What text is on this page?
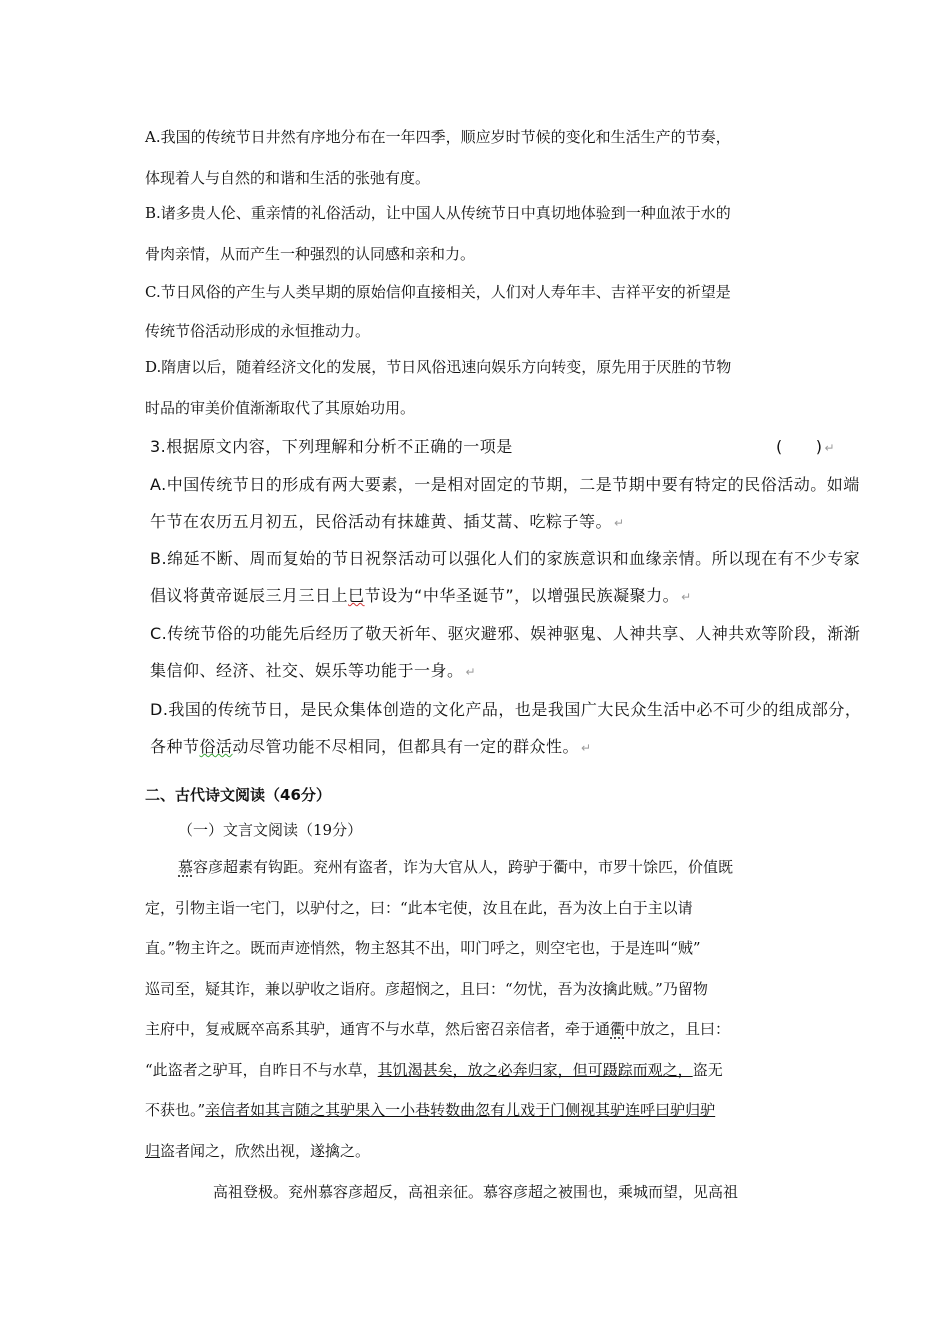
A.我国的传统节日井然有序地分布在一年四季，顺应岁时节候的变化和生活生产的节奏，
体现着人与自然的和谐和生活的张弛有度。
B.诸多贵人伦、重亲情的礼俗活动，让中国人从传统节日中真切地体验到一种血浓于水的
骨肉亲情，从而产生一种强烈的认同感和亲和力。
C.节日风俗的产生与人类早期的原始信仰直接相关，人们对人寿年丰、吉祥平安的祈望是
传统节俗活动形成的永恒推动力。
D.隋唐以后，随着经济文化的发展，节日风俗迅速向娱乐方向转变，原先用于厌胜的节物
时品的审美价值渐渐取代了其原始功用。
3.根据原文内容，下列理解和分析不正确的一项是	(　　) ↵
A.中国传统节日的形成有两大要素，一是相对固定的节期，二是节期中要有特定的民俗活动。如端
午节在农历五月初五，民俗活动有抹雄黄、插艾蒿、吃粽子等。 ↵
B.绵延不断、周而复始的节日祝祭活动可以强化人们的家族意识和血缘亲情。所以现在有不少专家
倡议将黄帝诞辰三月三日上巳节设为“中华圣诞节”，以增强民族凝聚力。 ↵
C.传统节俗的功能先后经历了敬天祈年、驱灾避邪、娱神驱鬼、人神共享、人神共欢等阶段，渐渐
集信仰、经济、社交、娱乐等功能于一身。 ↵
D.我国的传统节日，是民众集体创造的文化产品，也是我国广大民众生活中必不可少的组成部分，
各种节俗活动尽管功能不尽相同，但都具有一定的群众性。 ↵
二、古代诗文阅读（46分）
（一）文言文阅读（19分）
慕容彦超素有钩距。兖州有盗者，诈为大官从人，跨驴于衢中，市罗十馀匹，价值既
定，引物主诣一宅门，以驴付之，曰：“此本宅使，汝且在此，吾为汝上白于主以请
直。”物主许之。既而声迹悄然，物主怒其不出，叩门呼之，则空宅也，于是连叫“贼”
巡司至，疑其诈，兼以驴收之诣府。彦超悯之，且曰：“勿忧，吾为汝擒此贼。”乃留物
主府中，复戒厩卒高系其驴，通宵不与水草，然后密召亲信者，牵于通衢中放之，且曰：
“此盗者之驴耳，自昨日不与水草，其饥渴甚矣，放之必奔归家，但可蹑踪而观之，盗无
不获也。”亲信者如其言随之其驴果入一小巷转数曲忽有儿戏于门侧视其驴连呼曰驴归驴
归盗者闻之，欣然出视，遂擒之。
高祖登极。兖州慕容彦超反，高祖亲征。慕容彦超之被围也，乘城而望，见高祖
